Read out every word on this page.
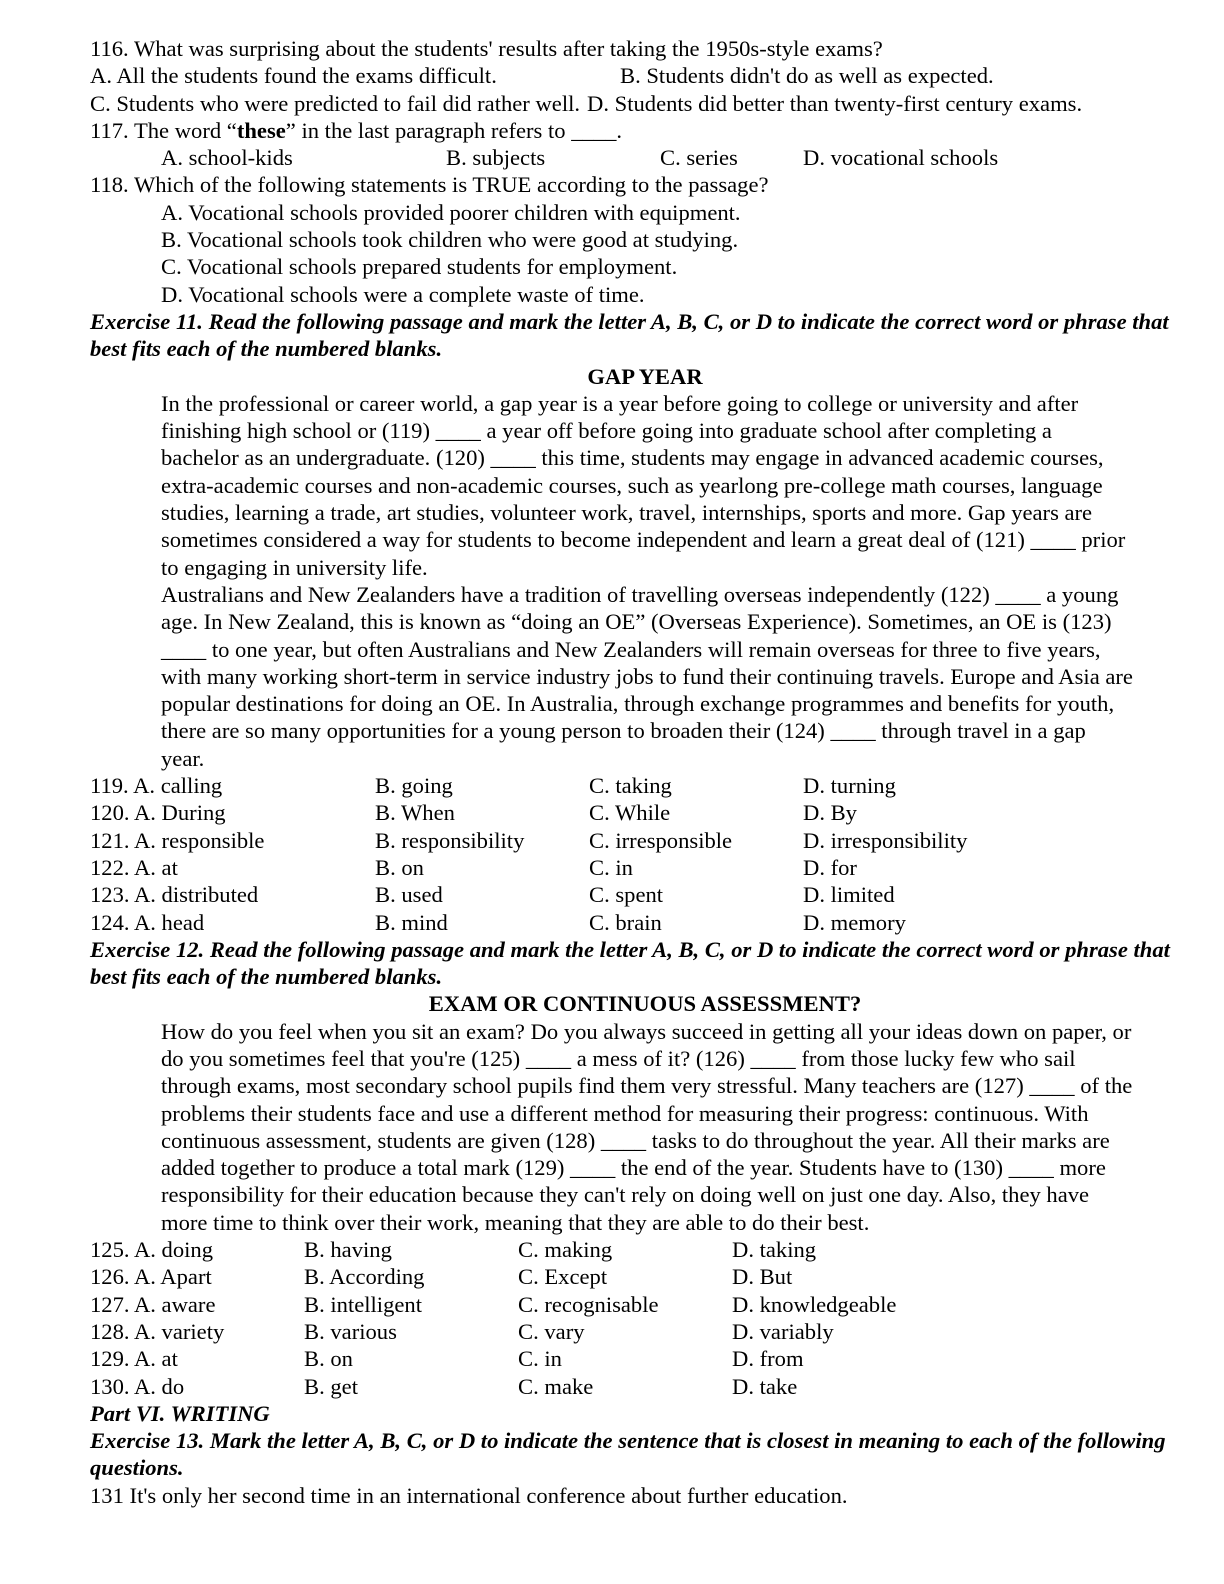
116. What was surprising about the students' results after taking the 1950s-style exams?
A. All the students found the exams difficult.	B. Students didn't do as well as expected.
C. Students who were predicted to fail did rather well. D. Students did better than twenty-first century exams.
117. The word “these” in the last paragraph refers to ____.
A. school-kids	B. subjects	C. series	D. vocational schools
118. Which of the following statements is TRUE according to the passage?
A. Vocational schools provided poorer children with equipment.
B. Vocational schools took children who were good at studying.
C. Vocational schools prepared students for employment.
D. Vocational schools were a complete waste of time.
Exercise 11. Read the following passage and mark the letter A, B, C, or D to indicate the correct word or phrase that best fits each of the numbered blanks.
GAP YEAR
In the professional or career world, a gap year is a year before going to college or university and after
finishing high school or (119) ____ a year off before going into graduate school after completing a
bachelor as an undergraduate. (120) ____ this time, students may engage in advanced academic courses,
extra-academic courses and non-academic courses, such as yearlong pre-college math courses, language
studies, learning a trade, art studies, volunteer work, travel, internships, sports and more. Gap years are
sometimes considered a way for students to become independent and learn a great deal of (121) ____ prior
to engaging in university life.
Australians and New Zealanders have a tradition of travelling overseas independently (122) ____ a young
age. In New Zealand, this is known as “doing an OE” (Overseas Experience). Sometimes, an OE is (123)
____ to one year, but often Australians and New Zealanders will remain overseas for three to five years,
with many working short-term in service industry jobs to fund their continuing travels. Europe and Asia are
popular destinations for doing an OE. In Australia, through exchange programmes and benefits for youth,
there are so many opportunities for a young person to broaden their (124) ____ through travel in a gap
year.
119. A. calling	B. going	C. taking	D. turning
120. A. During	B. When	C. While	D. By
121. A. responsible	B. responsibility	C. irresponsible	D. irresponsibility
122. A. at	B. on	C. in	D. for
123. A. distributed	B. used	C. spent	D. limited
124. A. head	B. mind	C. brain	D. memory
Exercise 12. Read the following passage and mark the letter A, B, C, or D to indicate the correct word or phrase that best fits each of the numbered blanks.
EXAM OR CONTINUOUS ASSESSMENT?
How do you feel when you sit an exam? Do you always succeed in getting all your ideas down on paper, or
do you sometimes feel that you're (125) ____ a mess of it? (126) ____ from those lucky few who sail
through exams, most secondary school pupils find them very stressful. Many teachers are (127) ____ of the
problems their students face and use a different method for measuring their progress: continuous. With
continuous assessment, students are given (128) ____ tasks to do throughout the year. All their marks are
added together to produce a total mark (129) ____ the end of the year. Students have to (130) ____ more
responsibility for their education because they can't rely on doing well on just one day. Also, they have
more time to think over their work, meaning that they are able to do their best.
125. A. doing	B. having	C. making	D. taking
126. A. Apart	B. According	C. Except	D. But
127. A. aware	B. intelligent	C. recognisable	D. knowledgeable
128. A. variety	B. various	C. vary	D. variably
129. A. at	B. on	C. in	D. from
130. A. do	B. get	C. make	D. take
Part VI. WRITING
Exercise 13. Mark the letter A, B, C, or D to indicate the sentence that is closest in meaning to each of the following questions.
131 It's only her second time in an international conference about further education.
